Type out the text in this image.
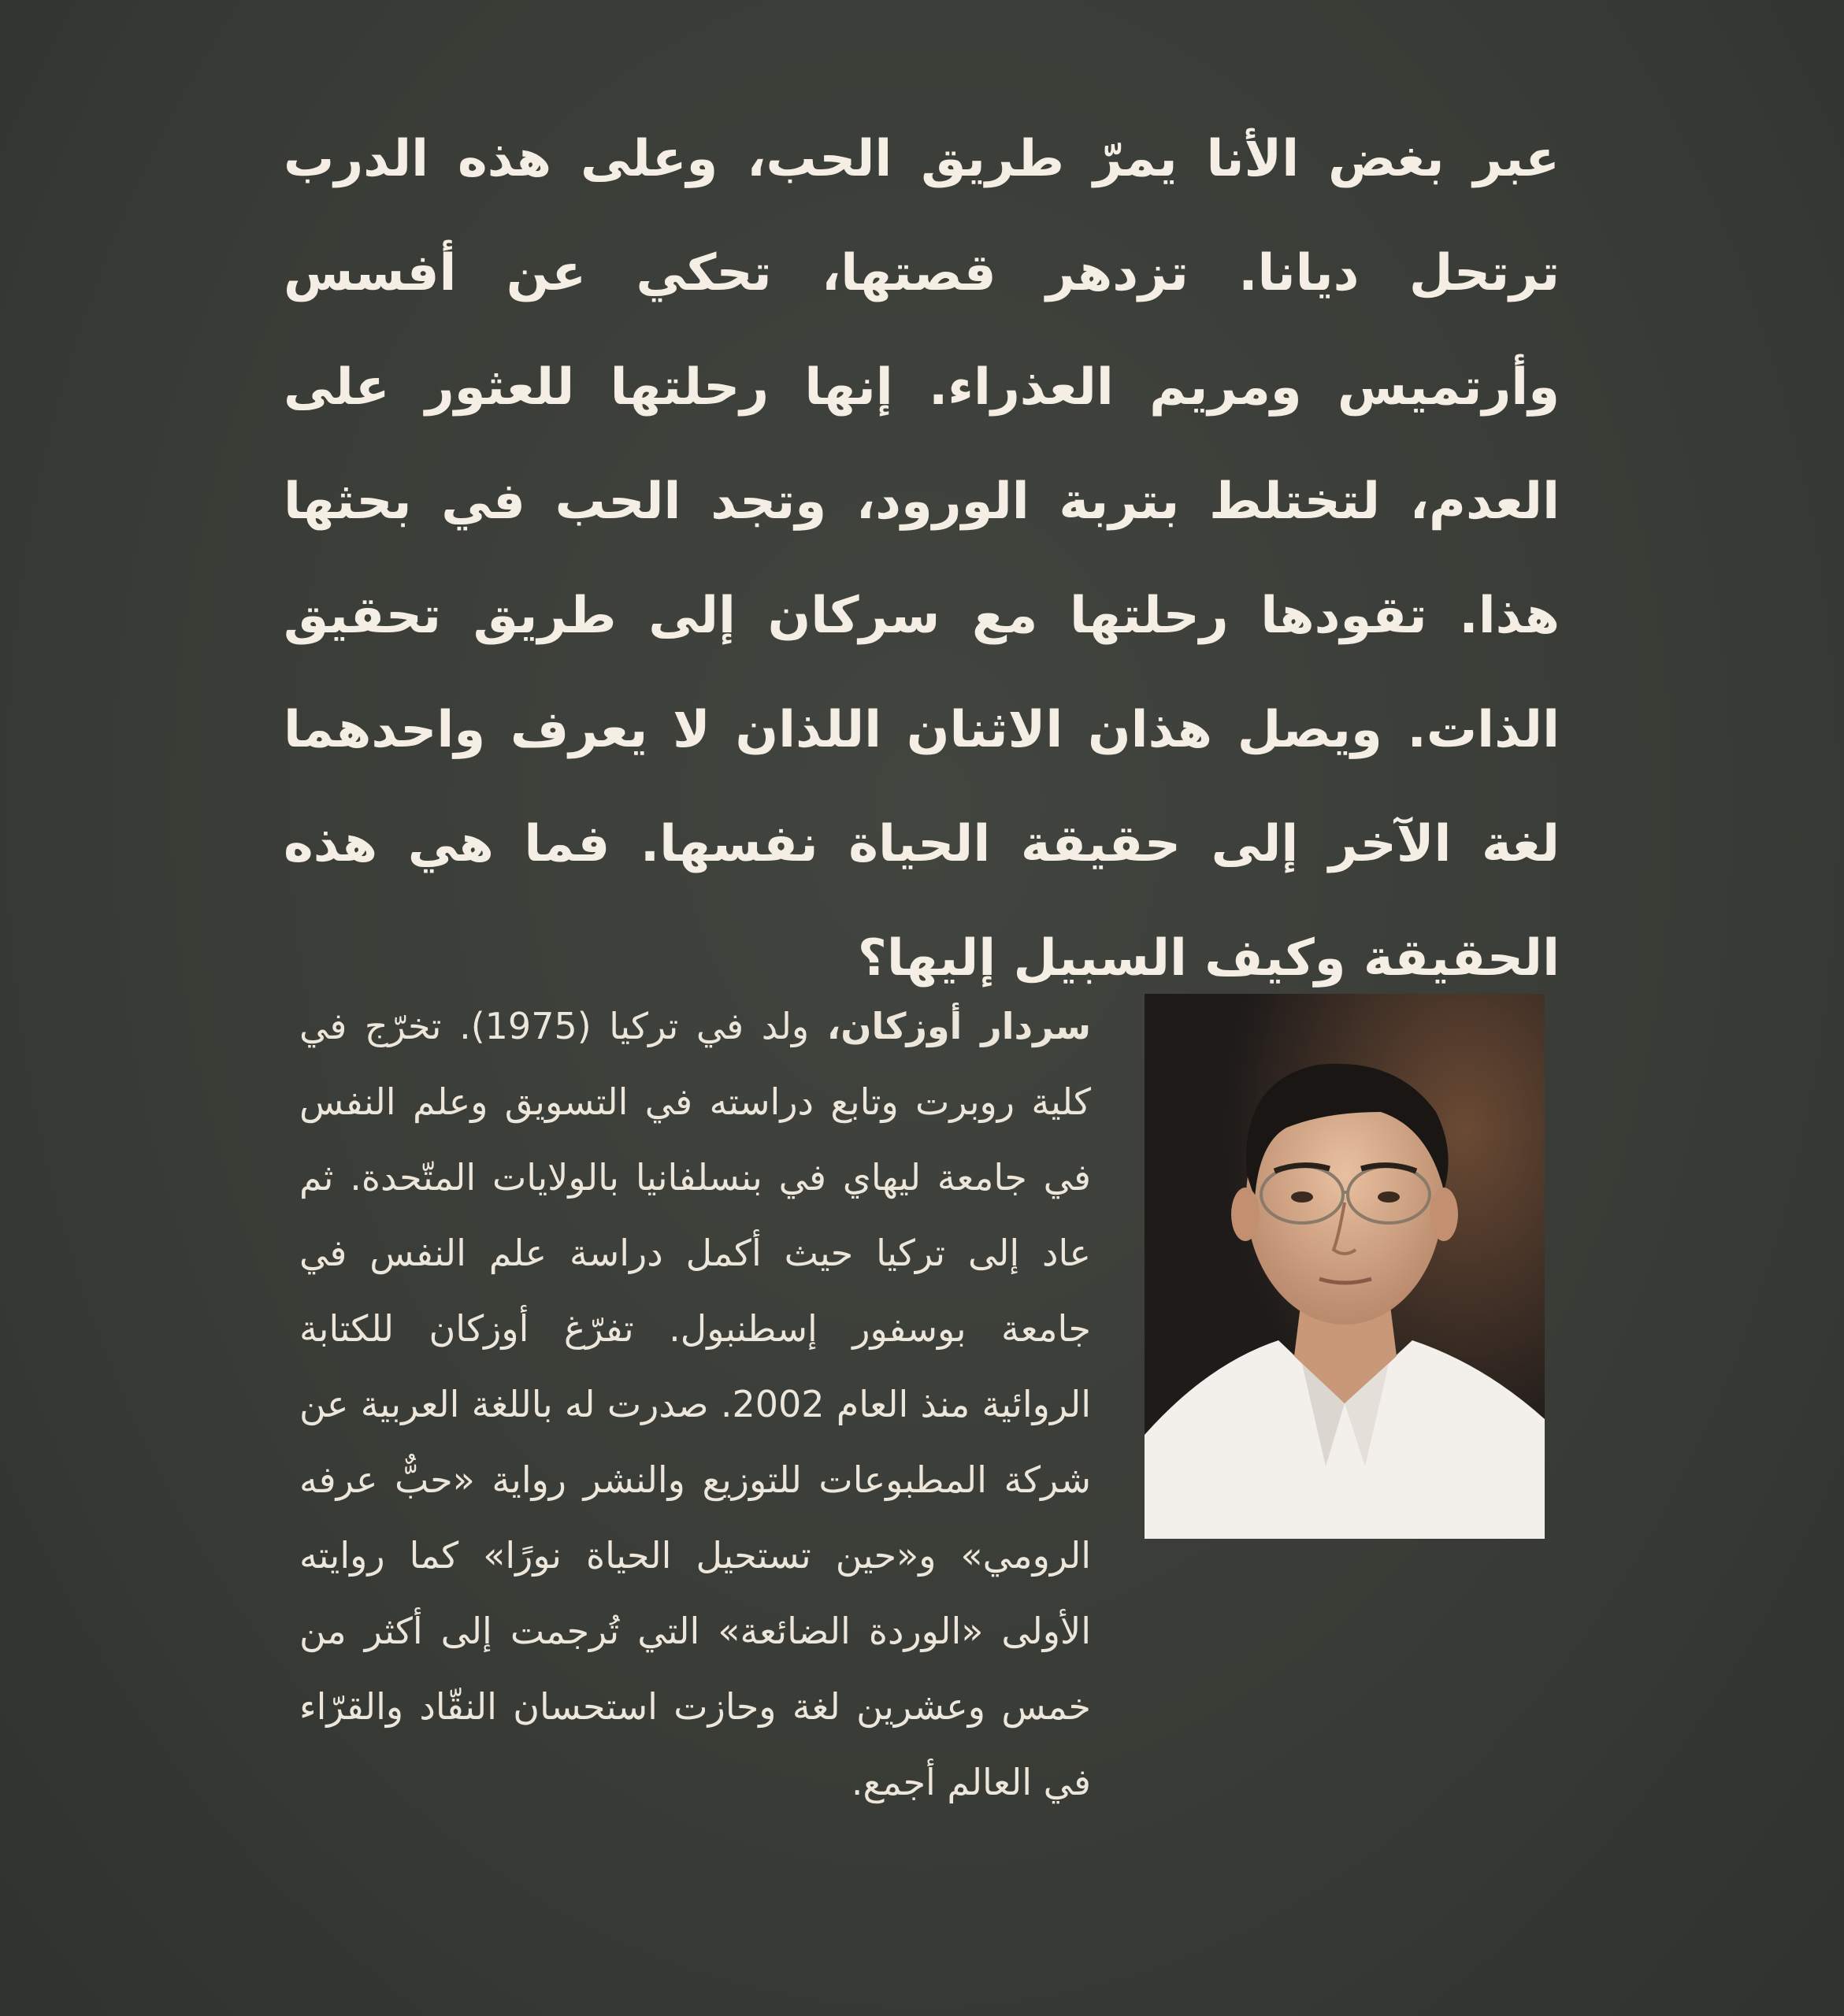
عبر بغض الأنا يمرّ طريق الحب، وعلى هذه الدرب ترتحل ديانا. تزدهر قصتها، تحكي عن أفسس وأرتميس ومريم العذراء. إنها رحلتها للعثور على العدم، لتختلط بتربة الورود، وتجد الحب في بحثها هذا. تقودها رحلتها مع سركان إلى طريق تحقيق الذات. ويصل هذان الاثنان اللذان لا يعرف واحدهما لغة الآخر إلى حقيقة الحياة نفسها. فما هي هذه الحقيقة وكيف السبيل إليها؟

سردار أوزكان، ولد في تركيا (1975). تخرّج في كلية روبرت وتابع دراسته في التسويق وعلم النفس في جامعة ليهاي في بنسلفانيا بالولايات المتّحدة. ثم عاد إلى تركيا حيث أكمل دراسة علم النفس في جامعة بوسفور إسطنبول. تفرّغ أوزكان للكتابة الروائية منذ العام 2002. صدرت له باللغة العربية عن شركة المطبوعات للتوزيع والنشر رواية «حبٌّ عرفه الرومي» و«حين تستحيل الحياة نورًا» كما روايته الأولى «الوردة الضائعة» التي تُرجمت إلى أكثر من خمس وعشرين لغة وحازت استحسان النقّاد والقرّاء في العالم أجمع.
